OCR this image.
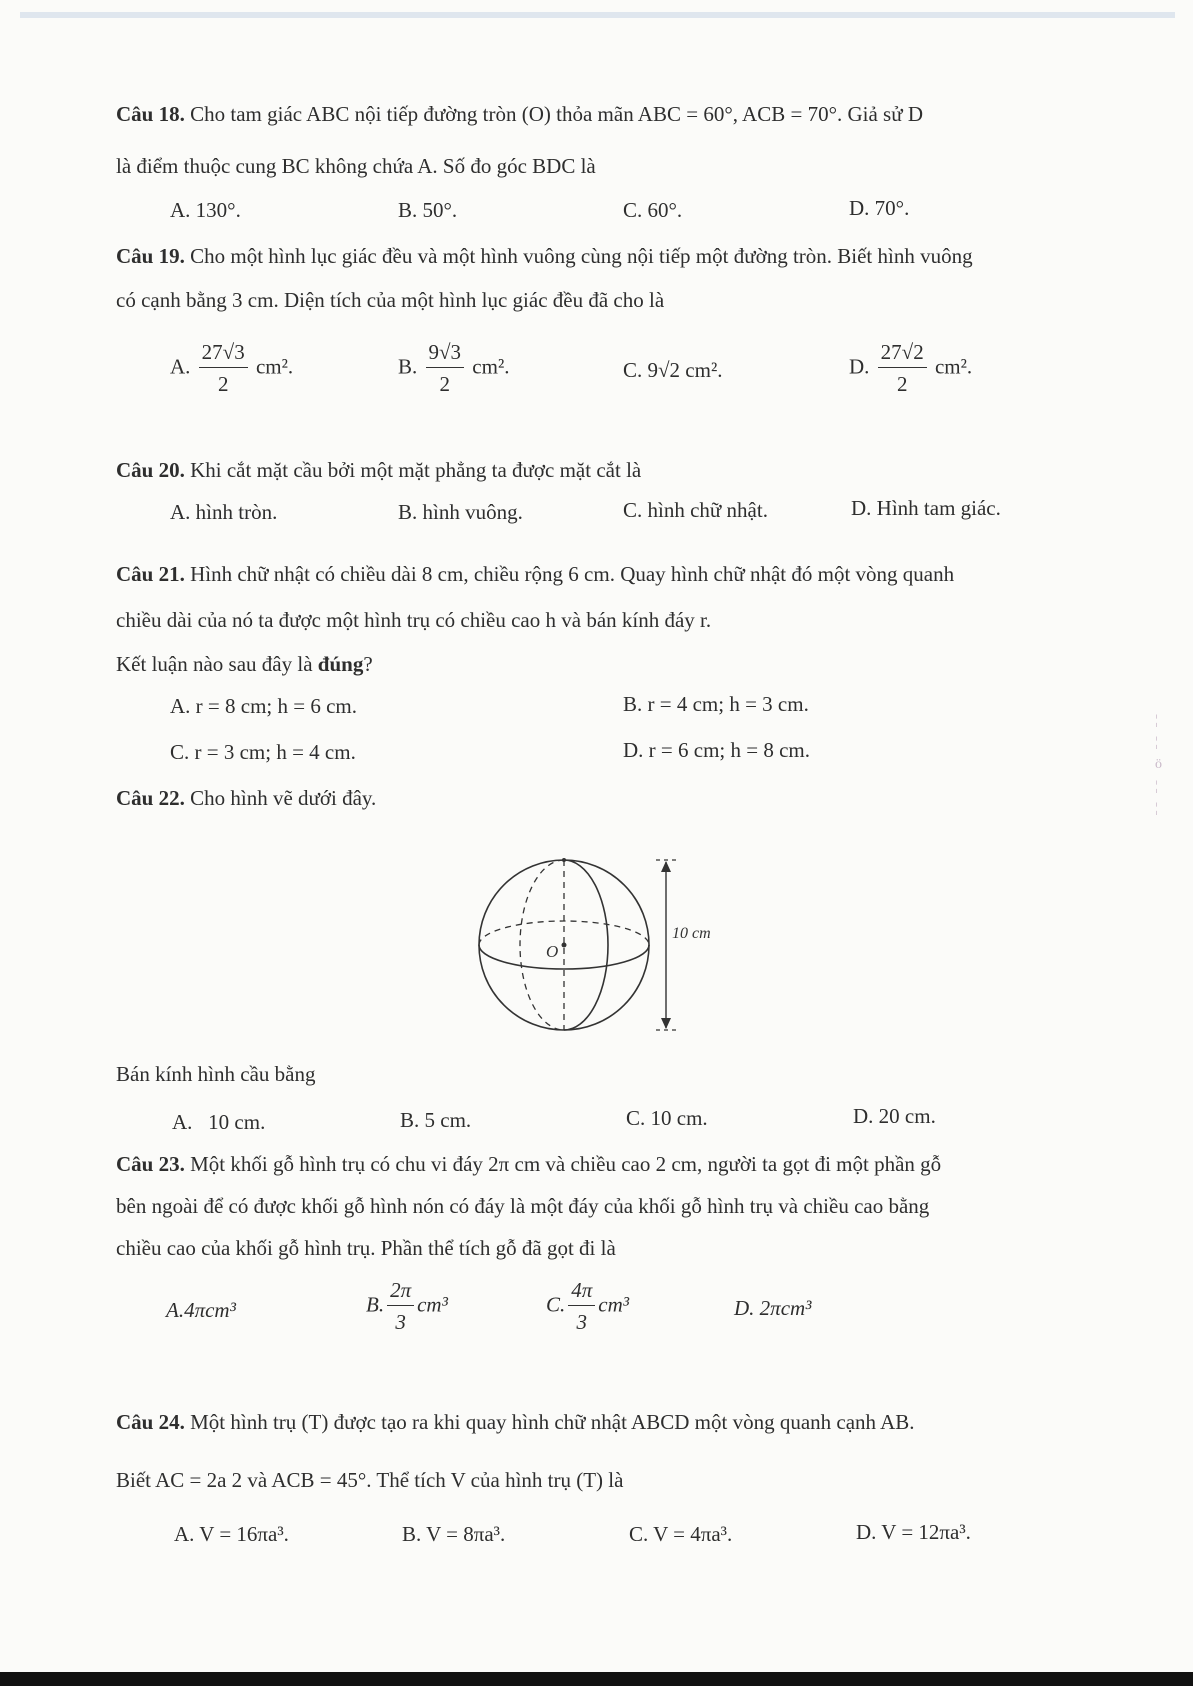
Câu 18. Cho tam giác ABC nội tiếp đường tròn (O) thỏa mãn ABC = 60°, ACB = 70°. Giả sử D
là điểm thuộc cung BC không chứa A. Số đo góc BDC là
A. 130°.	B. 50°.	C. 60°.	D. 70°.
Câu 19. Cho một hình lục giác đều và một hình vuông cùng nội tiếp một đường tròn. Biết hình vuông
có cạnh bằng 3 cm. Diện tích của một hình lục giác đều đã cho là
A. $\frac{27√3}{2} cm^2$.	B. $\frac{9√3}{2} cm^2$.	C. 9√2 cm².	D. $\frac{27√2}{2} cm^2$.
Câu 20. Khi cắt mặt cầu bởi một mặt phẳng ta được mặt cắt là
A. hình tròn.	B. hình vuông.	C. hình chữ nhật.	D. Hình tam giác.
Câu 21. Hình chữ nhật có chiều dài 8 cm, chiều rộng 6 cm. Quay hình chữ nhật đó một vòng quanh
chiều dài của nó ta được một hình trụ có chiều cao h và bán kính đáy r.
Kết luận nào sau đây là đúng?
A. r = 8 cm; h = 6 cm.	B. r = 4 cm; h = 3 cm.
C. r = 3 cm; h = 4 cm.	D. r = 6 cm; h = 8 cm.
Câu 22. Cho hình vẽ dưới đây.
O
10 cm
Bán kính hình cầu bằng
A.   10 cm.	B. 5 cm.	C. 10 cm.	D. 20 cm.
Câu 23. Một khối gỗ hình trụ có chu vi đáy 2π cm và chiều cao 2 cm, người ta gọt đi một phần gỗ
bên ngoài để có được khối gỗ hình nón có đáy là một đáy của khối gỗ hình trụ và chiều cao bằng
chiều cao của khối gỗ hình trụ. Phần thể tích gỗ đã gọt đi là
A.4πcm³	B. $\frac{2\pi}{3} cm^3$	C. $\frac{4\pi}{3} cm^3$	D. 2πcm³
Câu 24. Một hình trụ (T) được tạo ra khi quay hình chữ nhật ABCD một vòng quanh cạnh AB.
Biết AC = 2a 2 và ACB = 45°. Thể tích V của hình trụ (T) là
A. V = 16πa³.	B. V = 8πa³.	C. V = 4πa³.	D. V = 12πa³.
¦
¦
ö
¦
¦
